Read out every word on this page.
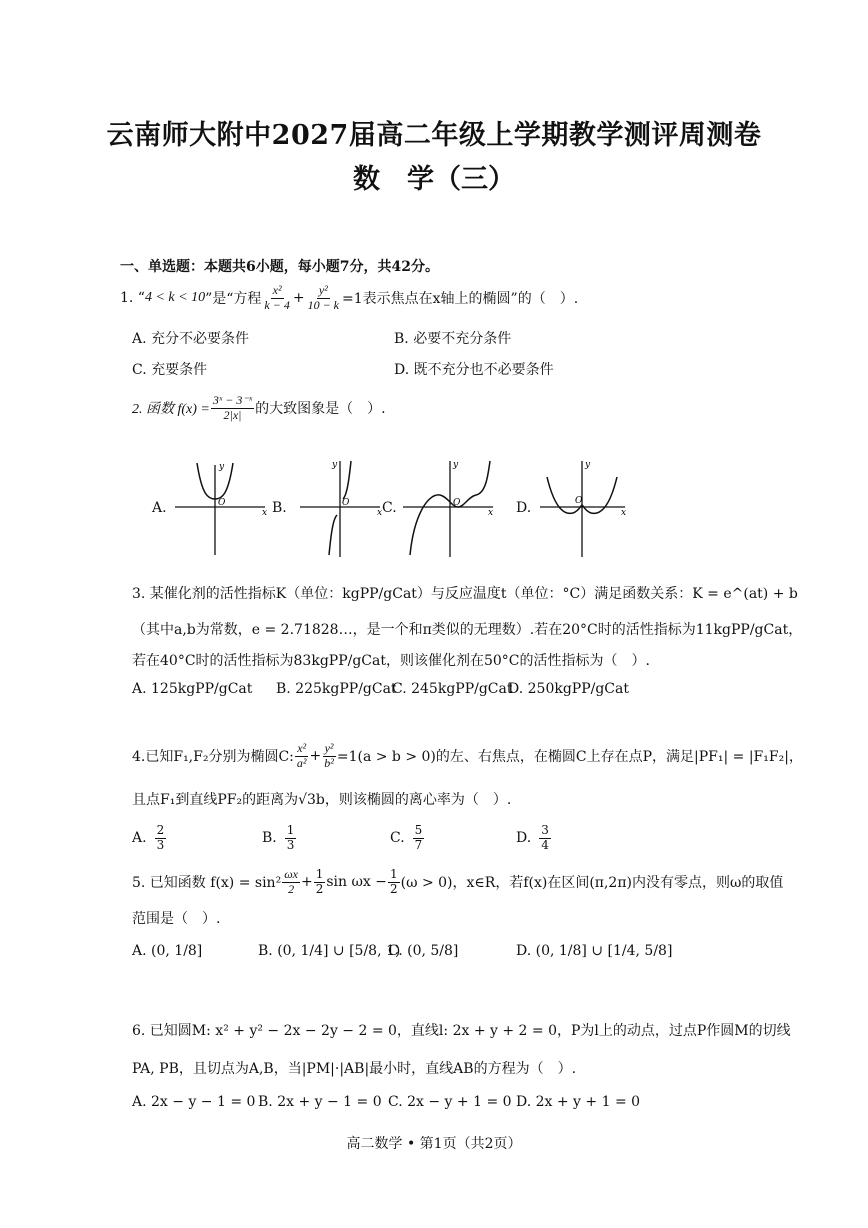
云南师大附中2027届高二年级上学期教学测评周测卷
数　学（三）
一、单选题：本题共6小题，每小题7分，共42分。
1. “ 4 < k < 10 ”是“方程 $\frac{\text{x²}}{k - 4} + \frac{\text{y²}}{10 - k} =1$表示焦点在x轴上的椭圆”的（　）.
A. 充分不必要条件	B. 必要不充分条件
C. 充要条件	D. 既不充分也不必要条件
2. 函数 $f(x) = \frac{\text{3ˣ − 3⁻ˣ}}{2|x|}$ 的大致图象是（　）.
A.
y
x
O	B.
y
x
O C.
y
x
O	D.
y
x
O
3. 某催化剂的活性指标K（单位：kgPP/gCat）与反应温度t（单位：°C）满足函数关系：K = e^(at) + b
（其中a,b为常数，e = 2.71828…，是一个和π类似的无理数）.若在20°C时的活性指标为11kgPP/gCat，
若在40°C时的活性指标为83kgPP/gCat，则该催化剂在50°C的活性指标为（　）.
A. 125kgPP/gCat B. 225kgPP/gCat
C. 245kgPP/gCat
D. 250kgPP/gCat
4.已知F₁,F₂分别为椭圆C: $\frac{\text{x²}}{\text{a²}} + \frac{\text{y²}}{\text{b²}} =1(a > b > 0)$的左、右焦点，在椭圆C上存在点P，满足|PF₁| = |F₁F₂|，
且点F₁到直线PF₂的距离为√3b，则该椭圆的离心率为（　）.
A. $\frac{2}{3}$	B. $\frac{1}{3}$	C. $\frac{5}{7}$	D. $\frac{3}{4}$
5. 已知函数 $f(x) = \sin^2 \frac{\omega x}{2} + \frac{1}{2}$ $\sin \omega x - \frac{1}{2} (\omega > 0)$，x∈R，若f(x)在区间(π,2π)内没有零点，则ω的取值
范围是（　）.
A. (0, 1/8]	B. (0, 1/4] ∪ [5/8, 1)
C. (0, 5/8]	D. (0, 1/8] ∪ [1/4, 5/8]
6. 已知圆M: x² + y² − 2x − 2y − 2 = 0，直线l: 2x + y + 2 = 0，P为l上的动点，过点P作圆M的切线
PA, PB，且切点为A,B，当|PM|·|AB|最小时，直线AB的方程为（　）.
A. 2x − y − 1 = 0 B. 2x + y − 1 = 0 C. 2x − y + 1 = 0 D. 2x + y + 1 = 0
高二数学 • 第1页（共2页）
